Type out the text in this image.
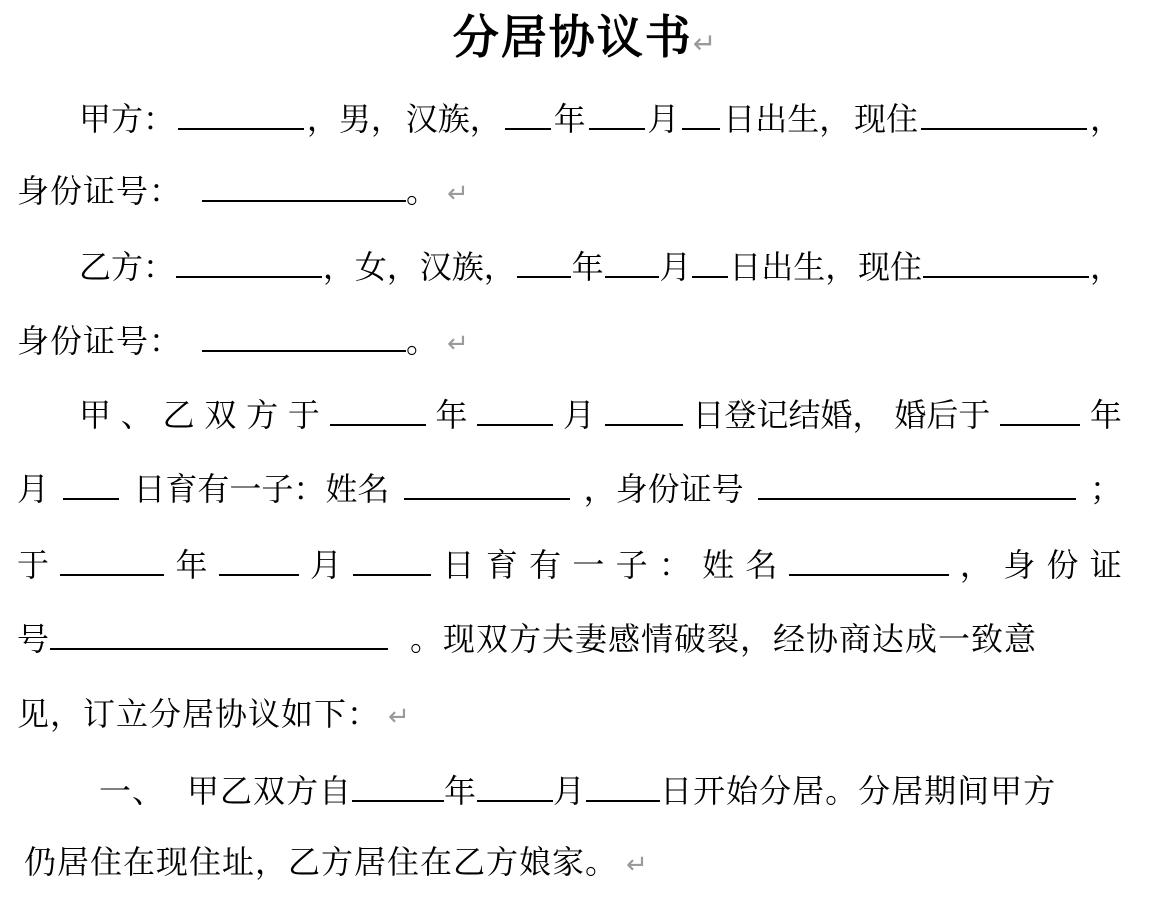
分居协议书↵
甲方：	，男， 汉族， 年 月 日出生， 现住	，
身份证号：	。 ↵
乙方：	，女， 汉族， 年 月 日出生， 现住	，
身份证号：	。 ↵
甲 、 乙 双 方 于	年	月	日登记结婚， 婚后于	年
月	日育有一子：姓名	，身份证号	；
于	年	月	日 育 有 一 子 ： 姓 名	， 身 份 证
号	。现双方夫妻感情破裂，经协商达成一致意
见，订立分居协议如下： ↵
一、 甲乙双方自	年 月 日开始分居。分居期间甲方
仍居住在现住址，乙方居住在乙方娘家。 ↵
